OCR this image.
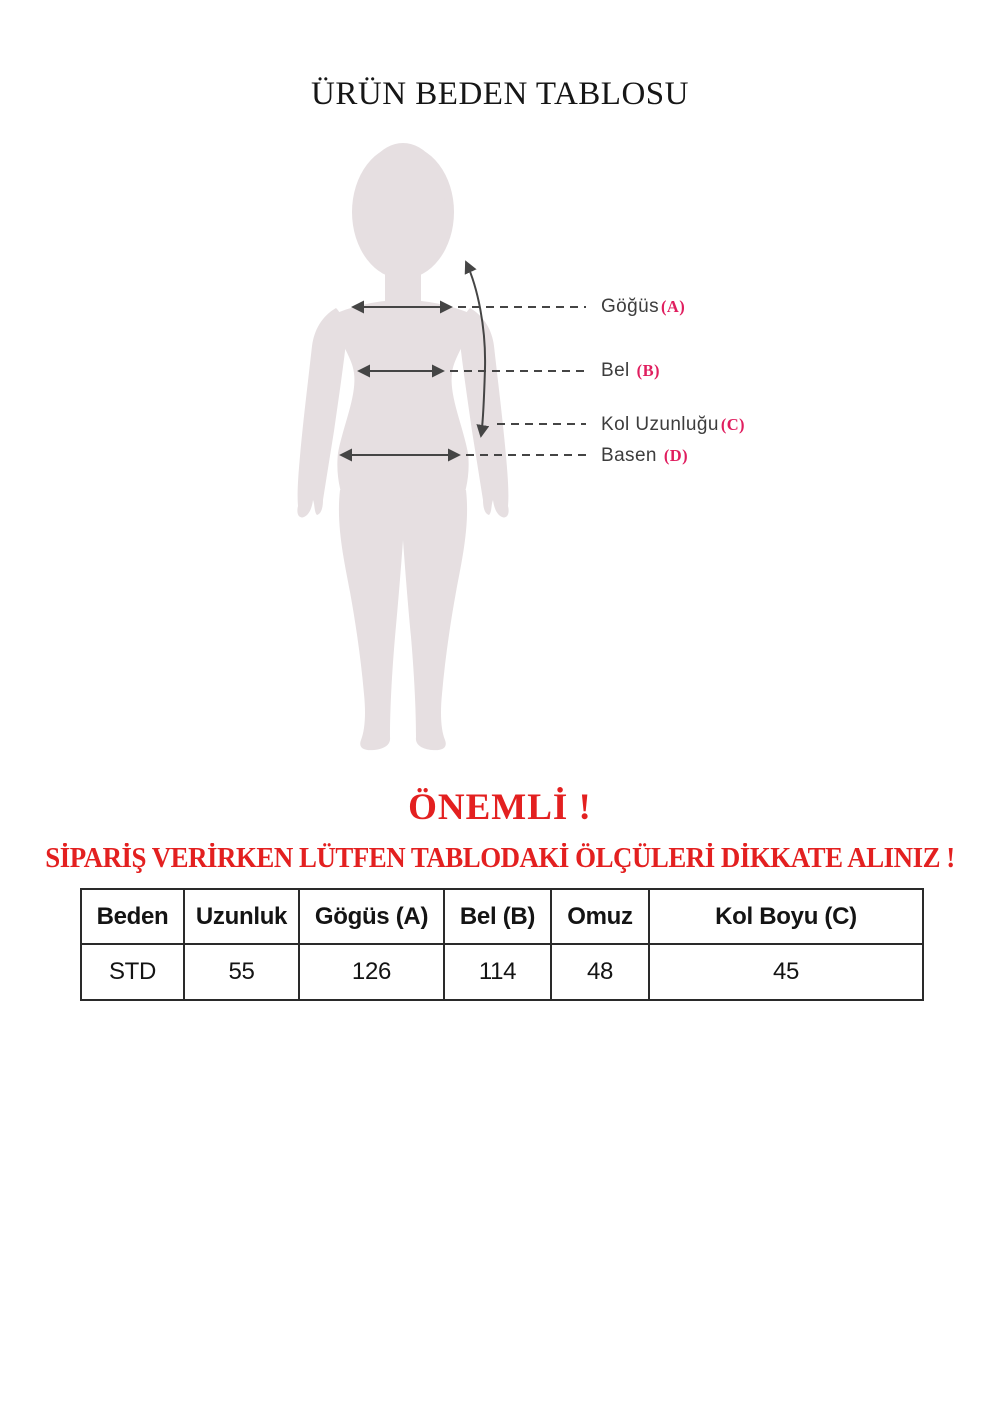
ÜRÜN BEDEN TABLOSU
Göğüs (A)
Bel (B)
Kol Uzunluğu (C)
Basen (D)
ÖNEMLİ !
SİPARİŞ VERİRKEN LÜTFEN TABLODAKİ ÖLÇÜLERİ DİKKATE ALINIZ !
Beden	Uzunluk	Gögüs (A)	Bel (B)	Omuz	Kol Boyu (C)
STD	55	126	114	48	45
